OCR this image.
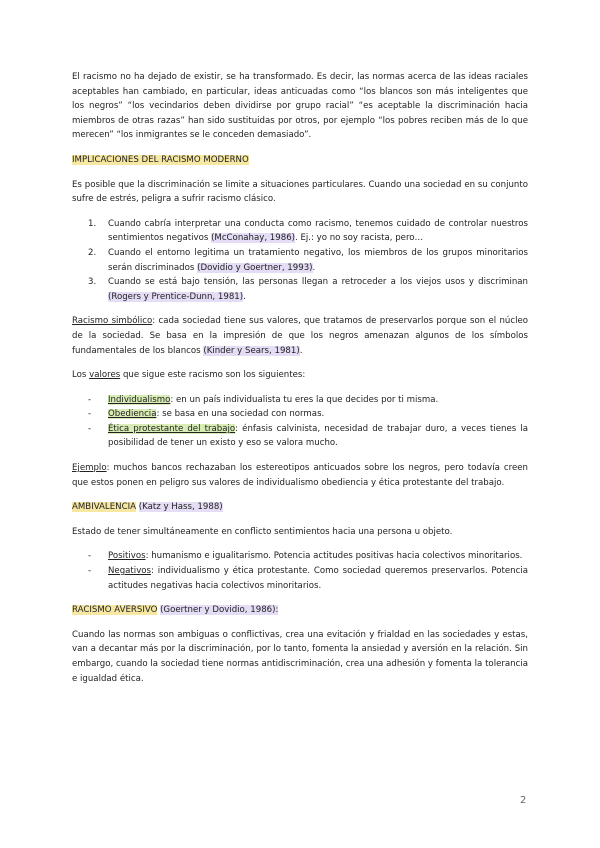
El racismo no ha dejado de existir, se ha transformado. Es decir, las normas acerca de las ideas raciales aceptables han cambiado, en particular, ideas anticuadas como “los blancos son más inteligentes que los negros” “los vecindarios deben dividirse por grupo racial” “es aceptable la discriminación hacia miembros de otras razas” han sido sustituidas por otros, por ejemplo “los pobres reciben más de lo que merecen” “los inmigrantes se le conceden demasiado”.

IMPLICACIONES DEL RACISMO MODERNO

Es posible que la discriminación se limite a situaciones particulares. Cuando una sociedad en su conjunto sufre de estrés, peligra a sufrir racismo clásico.

1. Cuando cabría interpretar una conducta como racismo, tenemos cuidado de controlar nuestros sentimientos negativos (McConahay, 1986). Ej.: yo no soy racista, pero…
2. Cuando el entorno legitima un tratamiento negativo, los miembros de los grupos minoritarios serán discriminados (Dovidio y Goertner, 1993).
3. Cuando se está bajo tensión, las personas llegan a retroceder a los viejos usos y discriminan (Rogers y Prentice-Dunn, 1981).

Racismo simbólico: cada sociedad tiene sus valores, que tratamos de preservarlos porque son el núcleo de la sociedad. Se basa en la impresión de que los negros amenazan algunos de los símbolos fundamentales de los blancos (Kinder y Sears, 1981).

Los valores que sigue este racismo son los siguientes:

- Individualismo: en un país individualista tu eres la que decides por ti misma.
- Obediencia: se basa en una sociedad con normas.
- Ética protestante del trabajo: énfasis calvinista, necesidad de trabajar duro, a veces tienes la posibilidad de tener un existo y eso se valora mucho.

Ejemplo: muchos bancos rechazaban los estereotipos anticuados sobre los negros, pero todavía creen que estos ponen en peligro sus valores de individualismo obediencia y ética protestante del trabajo.

AMBIVALENCIA (Katz y Hass, 1988)

Estado de tener simultáneamente en conflicto sentimientos hacia una persona u objeto.

- Positivos: humanismo e igualitarismo. Potencia actitudes positivas hacia colectivos minoritarios.
- Negativos: individualismo y ética protestante. Como sociedad queremos preservarlos. Potencia actitudes negativas hacia colectivos minoritarios.

RACISMO AVERSIVO (Goertner y Dovidio, 1986):

Cuando las normas son ambiguas o conflictivas, crea una evitación y frialdad en las sociedades y estas, van a decantar más por la discriminación, por lo tanto, fomenta la ansiedad y aversión en la relación. Sin embargo, cuando la sociedad tiene normas antidiscriminación, crea una adhesión y fomenta la tolerancia e igualdad ética.

2
